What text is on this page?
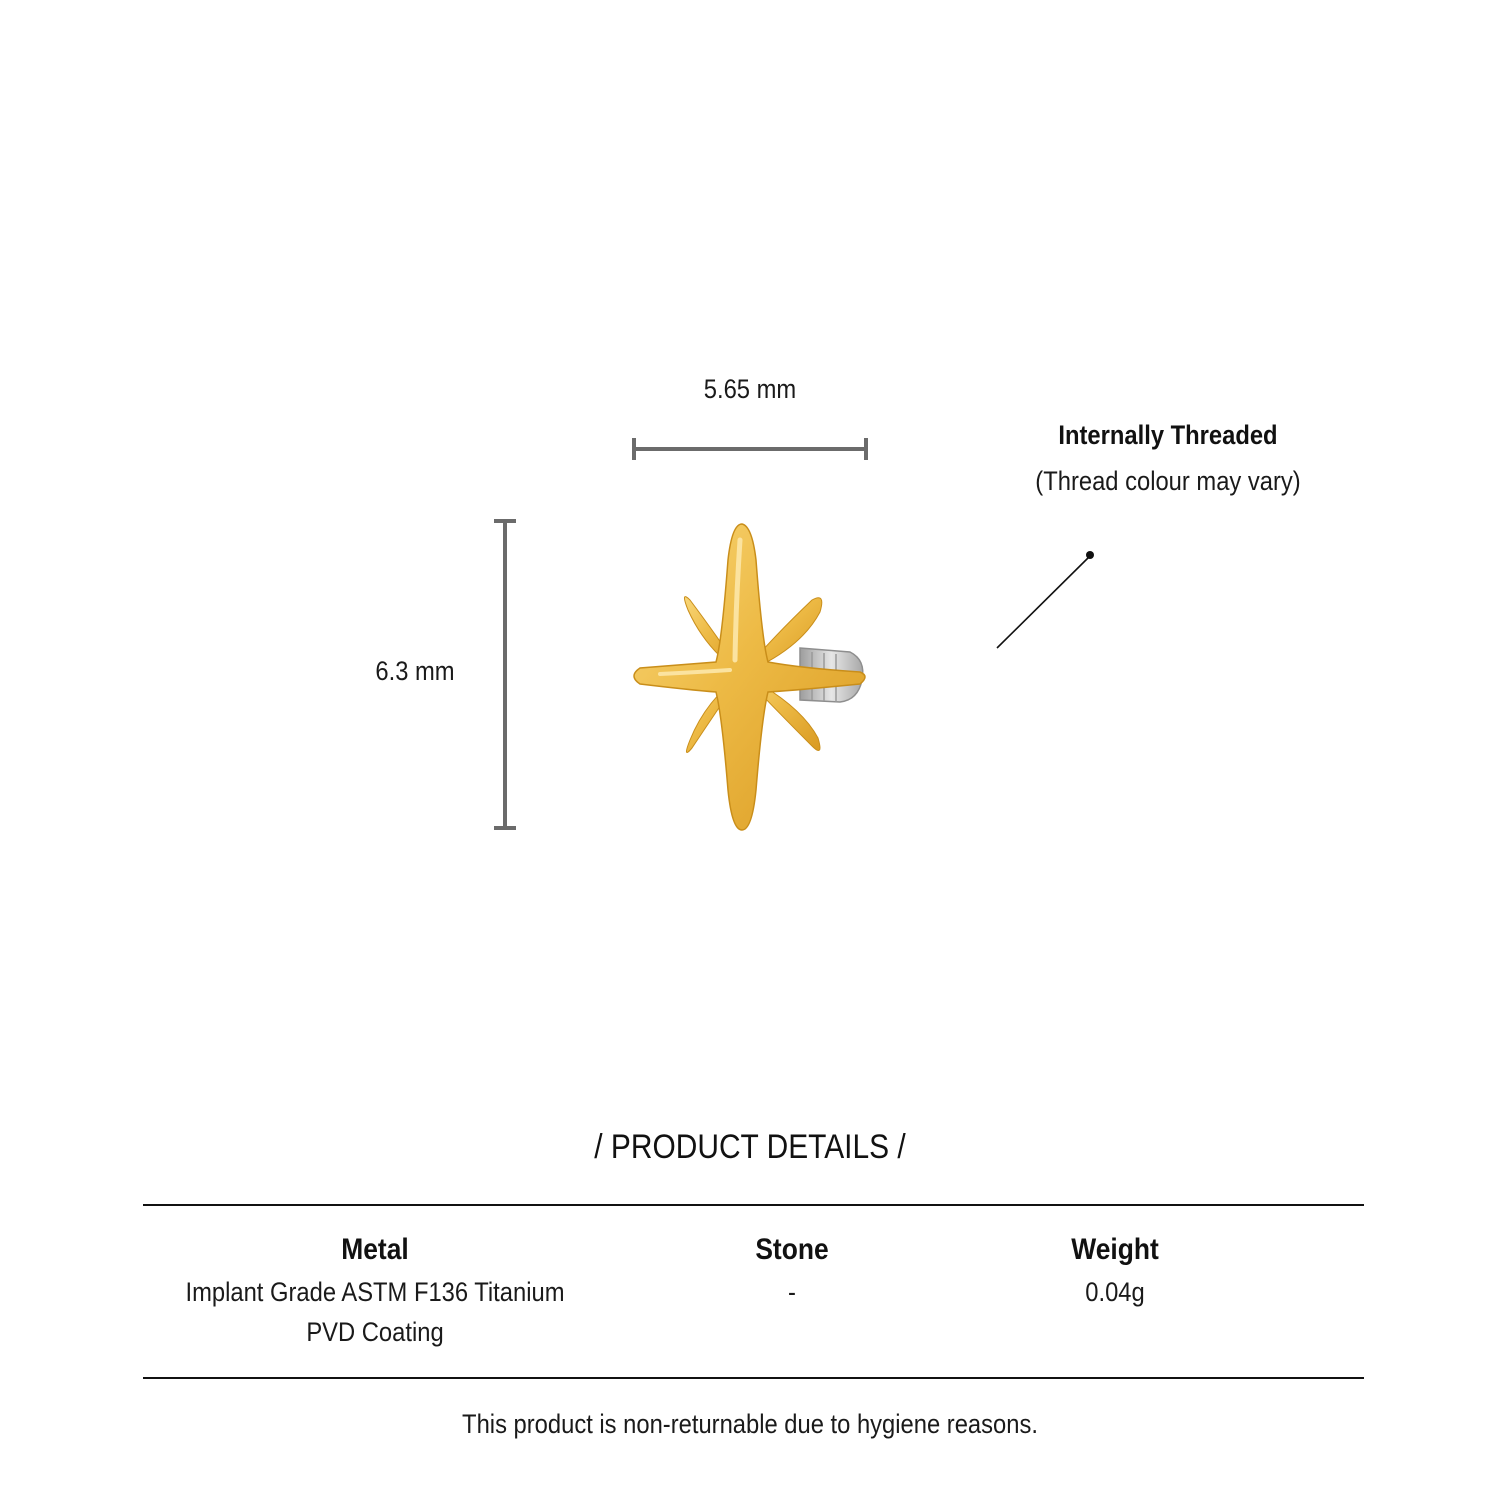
5.65 mm
6.3 mm
Internally Threaded
(Thread colour may vary)
/ PRODUCT DETAILS /
Metal
Implant Grade ASTM F136 Titanium
PVD Coating
Stone
-
Weight
0.04g
This product is non-returnable due to hygiene reasons.
